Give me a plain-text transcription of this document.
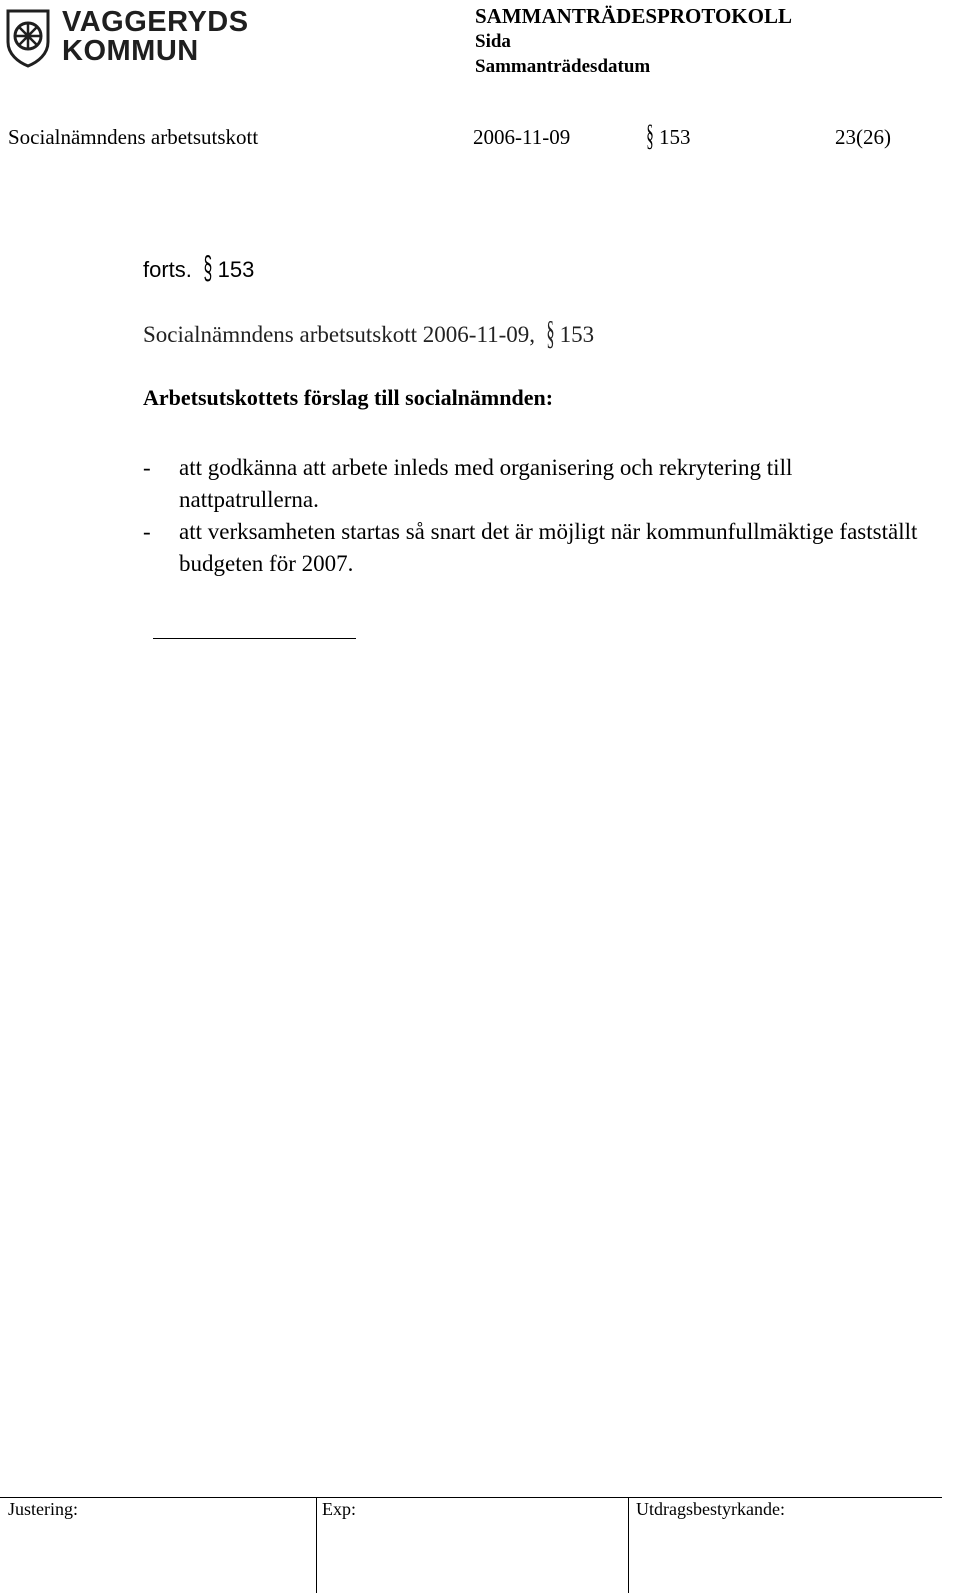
VAGGERYDS
KOMMUN
SAMMANTRÄDESPROTOKOLL
Sida
Sammanträdesdatum
Socialnämndens arbetsutskott	2006-11-09	§ 153	23(26)
forts. § 153
Socialnämndens arbetsutskott 2006-11-09, § 153
Arbetsutskottets förslag till socialnämnden:
- att godkänna att arbete inleds med organisering och rekrytering till nattpatrullerna.
- att verksamheten startas så snart det är möjligt när kommunfullmäktige fastställt budgeten för 2007.
Justering:	Exp:	Utdragsbestyrkande:
